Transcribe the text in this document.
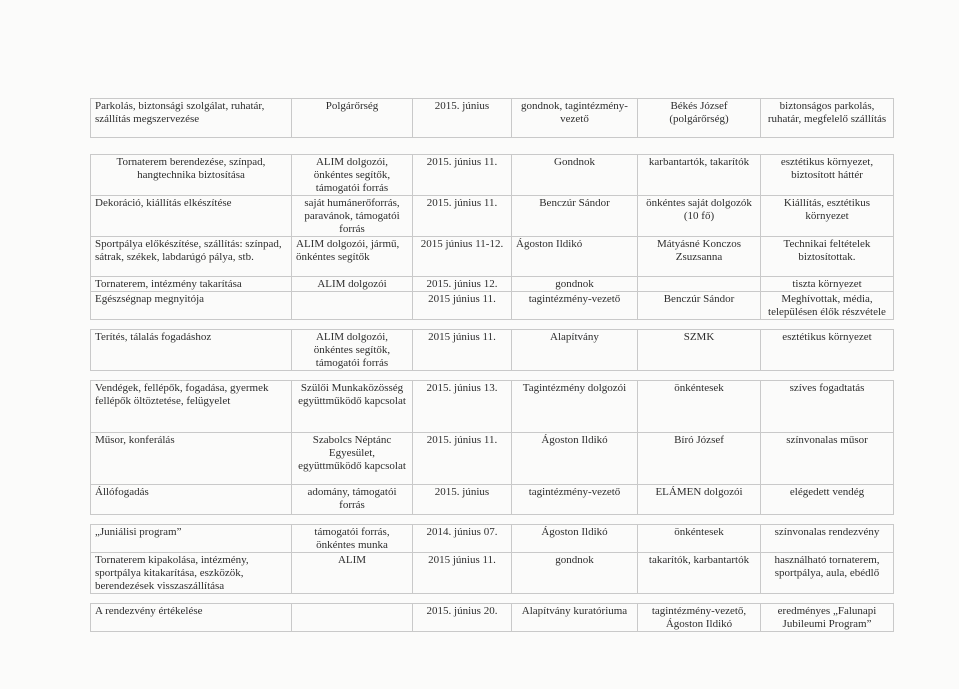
Parkolás, biztonsági szolgálat, ruhatár, szállítás megszervezése	Polgárőrség	2015. június	gondnok, tagintézmény-vezető	Békés József (polgárőrség)	biztonságos parkolás, ruhatár, megfelelő szállítás
Tornaterem berendezése, színpad, hangtechnika biztosítása	ALIM dolgozói, önkéntes segítők, támogatói forrás	2015. június 11.	Gondnok	karbantartók, takarítók	esztétikus környezet, biztosított háttér
Dekoráció, kiállítás elkészítése	saját humánerőforrás, paravánok, támogatói forrás	2015. június 11.	Benczúr Sándor	önkéntes saját dolgozók (10 fő)	Kiállítás, esztétikus környezet
Sportpálya előkészítése, szállítás: színpad, sátrak, székek, labdarúgó pálya, stb.	ALIM dolgozói, jármű, önkéntes segítők	2015 június 11-12.	Ágoston Ildikó	Mátyásné Konczos Zsuzsanna	Technikai feltételek biztosítottak.
Tornaterem, intézmény takarítása	ALIM dolgozói	2015. június 12.	gondnok		tiszta környezet
Egészségnap megnyitója		2015 június 11.	tagintézmény-vezető	Benczúr Sándor	Meghívottak, média, településen élők részvétele

Terítés, tálalás fogadáshoz	ALIM dolgozói, önkéntes segítők, támogatói forrás	2015 június 11.	Alapítvány	SZMK	esztétikus környezet

Vendégek, fellépők, fogadása, gyermek fellépők öltöztetése, felügyelet	Szülői Munkaközösség együttműködő kapcsolat	2015. június 13.	Tagintézmény dolgozói	önkéntesek	szíves fogadtatás
Műsor, konferálás	Szabolcs Néptánc Egyesület, együttműködő kapcsolat	2015. június 11.	Ágoston Ildikó	Bíró József	színvonalas műsor
Állófogadás	adomány, támogatói forrás	2015. június	tagintézmény-vezető	ELÁMEN dolgozói	elégedett vendég

„Juniálisi program”	támogatói forrás, önkéntes munka	2014. június 07.	Ágoston Ildikó	önkéntesek	színvonalas rendezvény
Tornaterem kipakolása, intézmény, sportpálya kitakarítása, eszközök, berendezések visszaszállítása	ALIM	2015 június 11.	gondnok	takarítók, karbantartók	használható tornaterem, sportpálya, aula, ebédlő

A rendezvény értékelése		2015. június 20.	Alapítvány kuratóriuma	tagintézmény-vezető, Ágoston Ildikó	eredményes „Falunapi Jubileumi Program”
